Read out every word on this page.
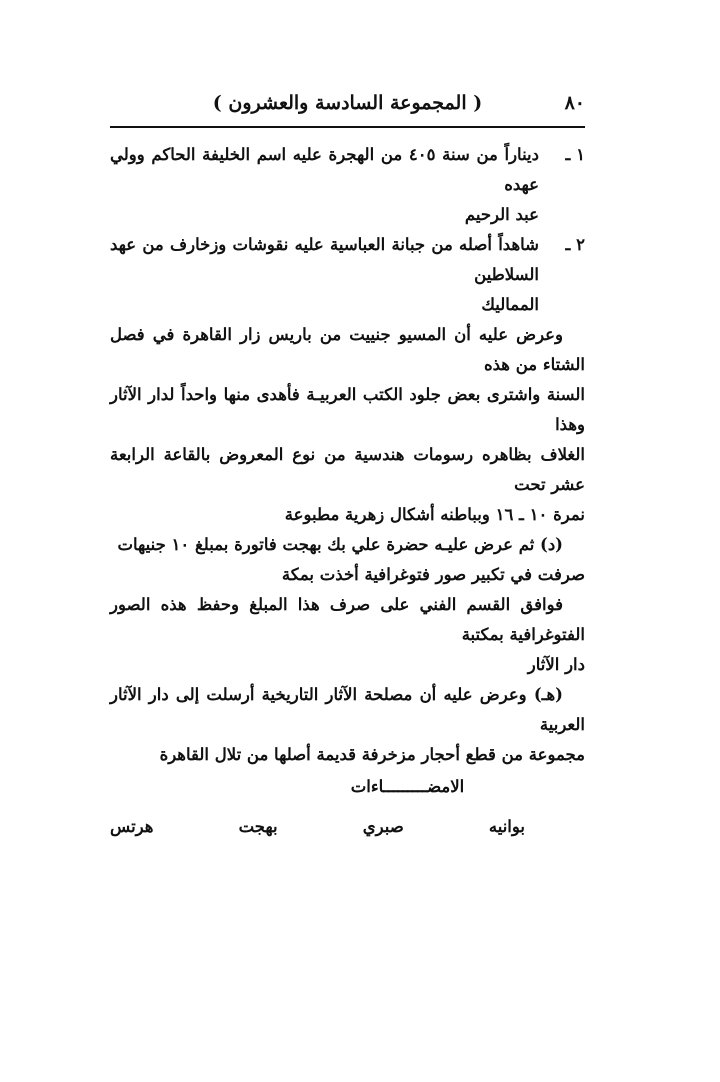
٨٠
( المجموعة السادسة والعشرون )
١ ـ

ديناراً من سنة ٤٠٥ من الهجرة عليه اسم الخليفة الحاكم وولي عهده

عبد الرحيم

٢ ـ

شاهداً أصله من جبانة العباسية عليه نقوشات وزخارف من عهد السلاطين

المماليك

وعرض عليه أن المسيو جنييت من باريس زار القاهرة في فصل الشتاء من هذه

السنة واشترى بعض جلود الكتب العربيـة فأهدى منها واحداً لدار الآثار وهذا

الغلاف بظاهره رسومات هندسية من نوع المعروض بالقاعة الرابعة عشر تحت

نمرة ١٠ ـ ١٦ وبباطنه أشكال زهرية مطبوعة

(د) ثم عرض عليـه حضرة علي بك بهجت فاتورة بمبلغ ١٠ جنيهات

صرفت في تكبير صور فتوغرافية أخذت بمكة

فوافق القسم الفني على صرف هذا المبلغ وحفظ هذه الصور الفتوغرافية بمكتبة

دار الآثار

(هـ) وعرض عليه أن مصلحة الآثار التاريخية أرسلت إلى دار الآثار العربية

مجموعة من قطع أحجار مزخرفة قديمة أصلها من تلال القاهرة

الامضـــــــــاءات

بوانيه
صبري
بهجت
هرتس
